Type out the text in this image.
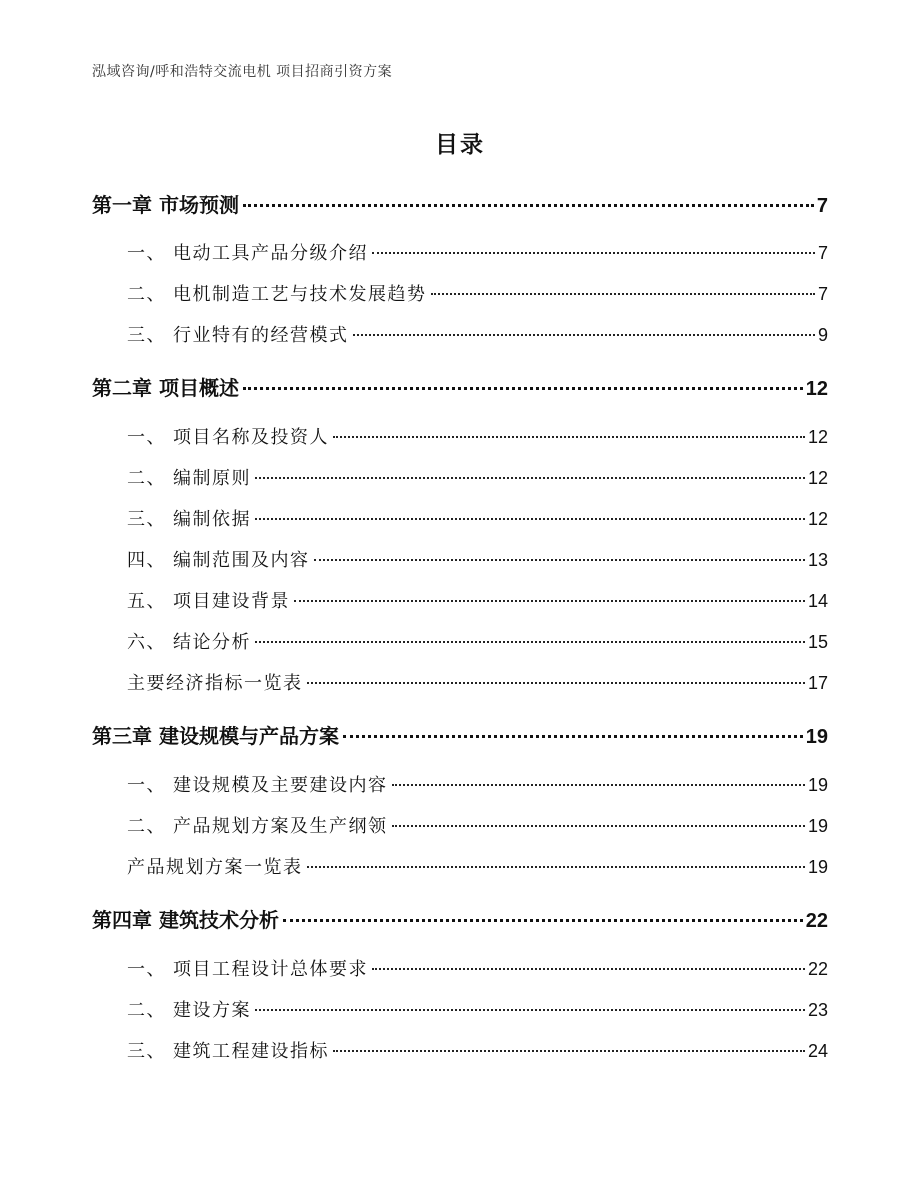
泓域咨询/呼和浩特交流电机 项目招商引资方案
目录
第一章 市场预测	7
一、 电动工具产品分级介绍	7
二、 电机制造工艺与技术发展趋势	7
三、 行业特有的经营模式	9
第二章 项目概述	12
一、 项目名称及投资人	12
二、 编制原则	12
三、 编制依据	12
四、 编制范围及内容	13
五、 项目建设背景	14
六、 结论分析	15
主要经济指标一览表	17
第三章 建设规模与产品方案	19
一、 建设规模及主要建设内容	19
二、 产品规划方案及生产纲领	19
产品规划方案一览表	19
第四章 建筑技术分析	22
一、 项目工程设计总体要求	22
二、 建设方案	23
三、 建筑工程建设指标	24
